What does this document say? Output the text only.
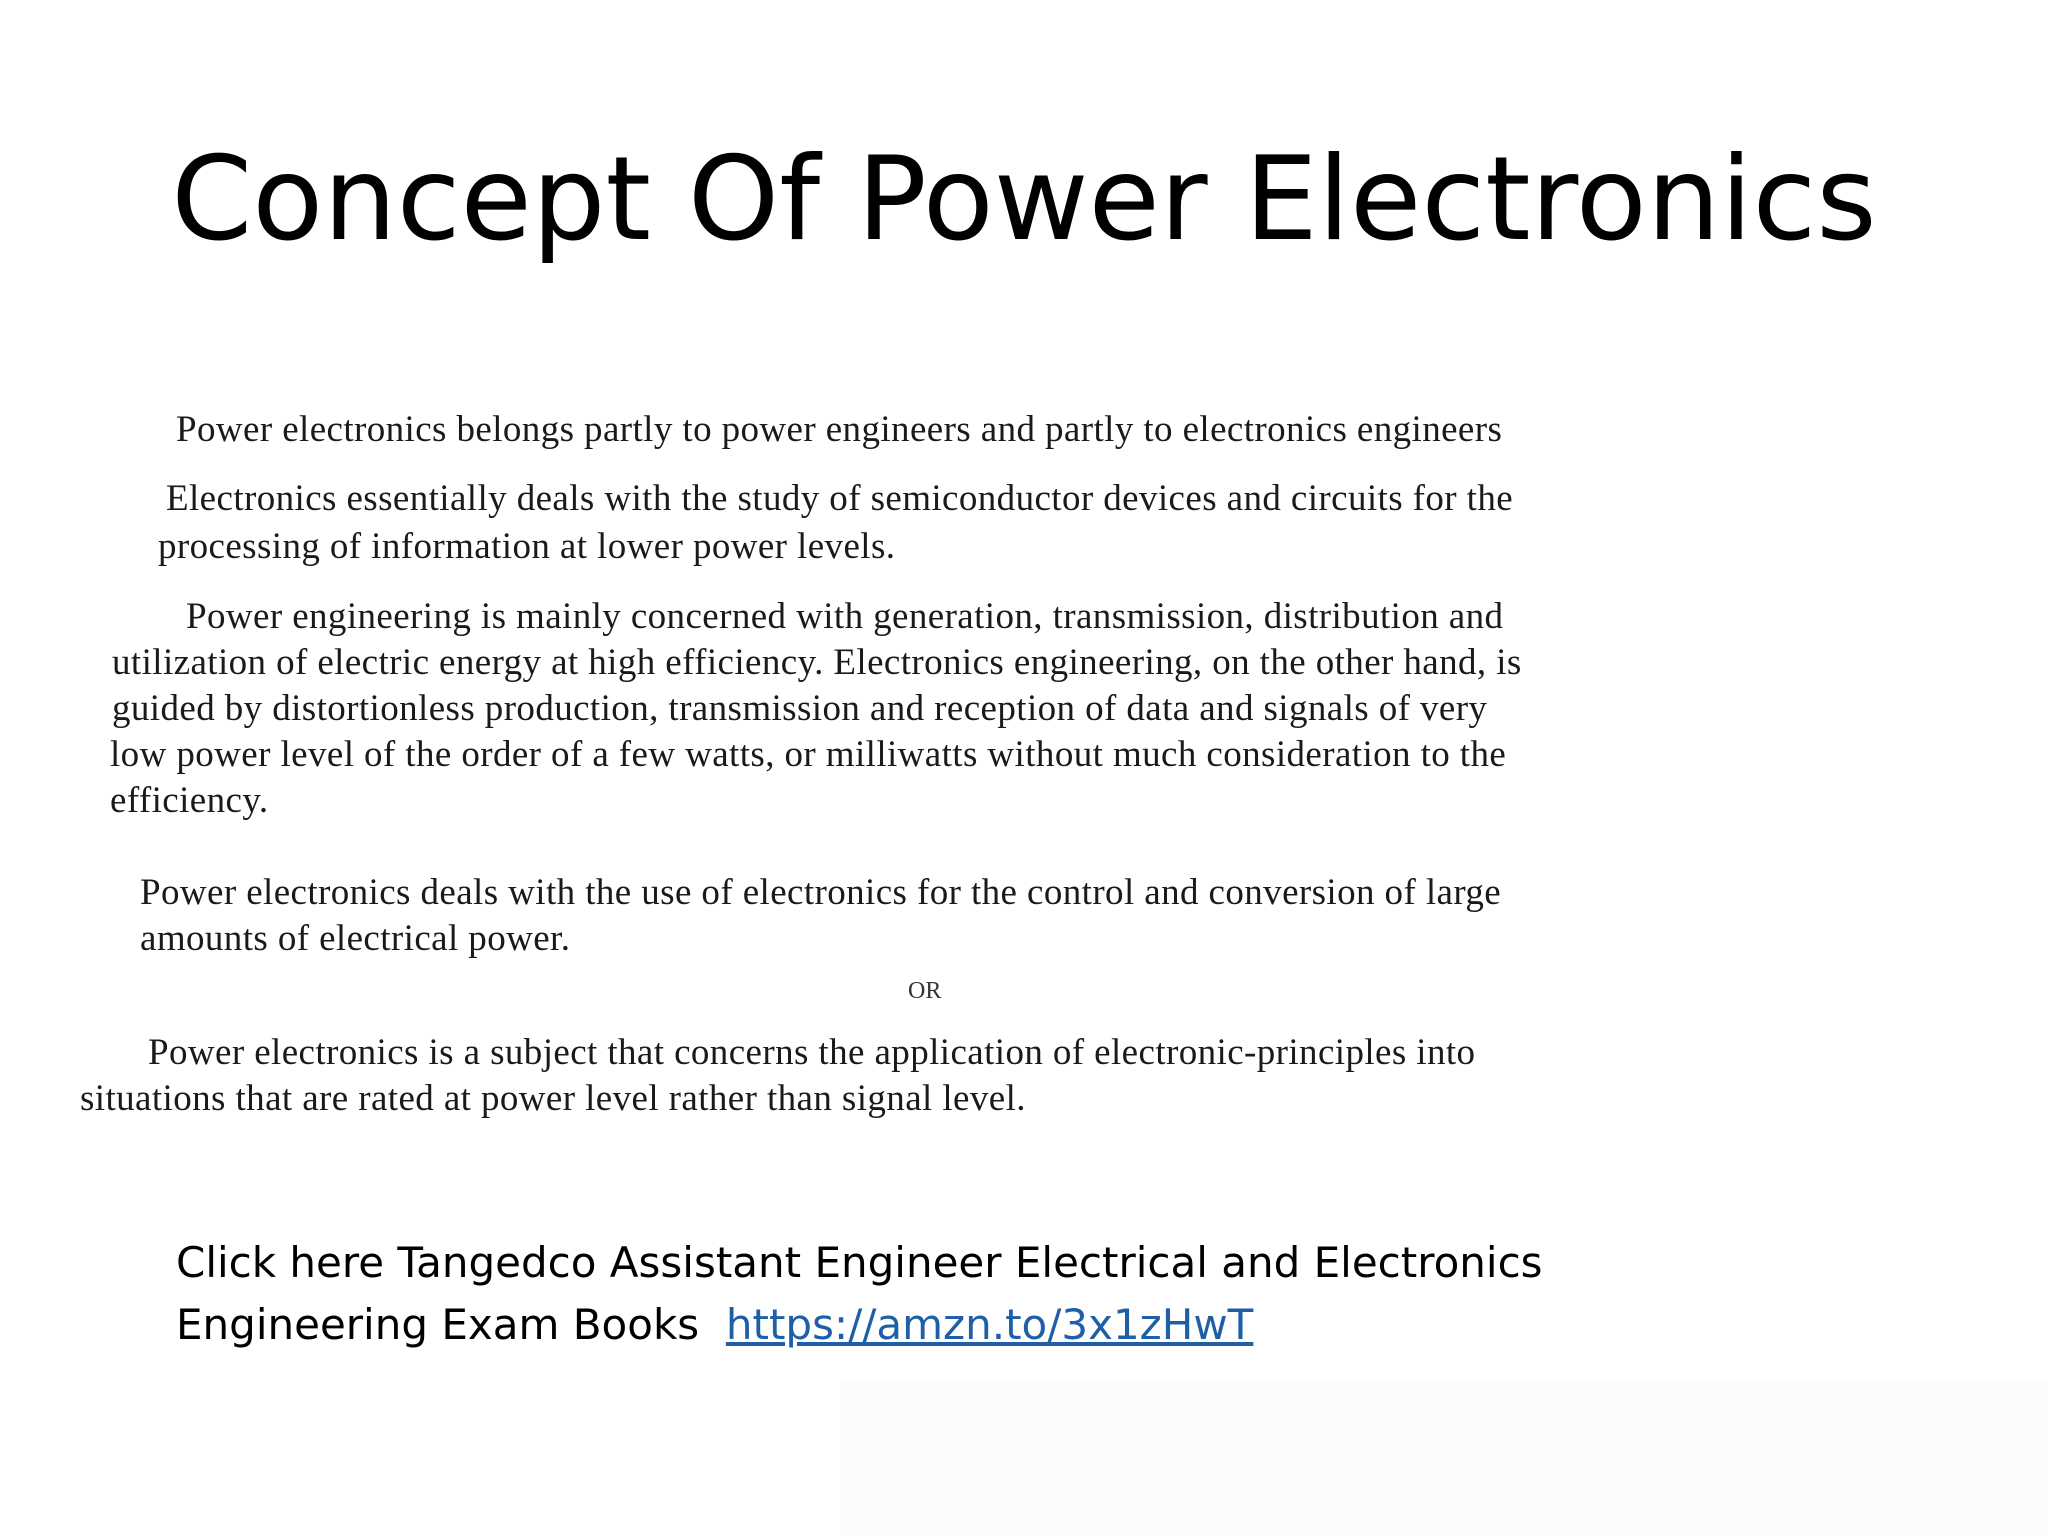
Concept Of Power Electronics
Power electronics belongs partly to power engineers and partly to electronics engineers
Electronics essentially deals with the study of semiconductor devices and circuits for the
processing of information at lower power levels.
Power engineering is mainly concerned with generation, transmission, distribution and
utilization of electric energy at high efficiency. Electronics engineering, on the other hand, is
guided by distortionless production, transmission and reception of data and signals of very
low power level of the order of a few watts, or milliwatts without much consideration to the
efficiency.
Power electronics deals with the use of electronics for the control and conversion of large
amounts of electrical power.
OR
Power electronics is a subject that concerns the application of electronic-principles into
situations that are rated at power level rather than signal level.
Click here Tangedco Assistant Engineer Electrical and Electronics
Engineering Exam Books https://amzn.to/3x1zHwT
